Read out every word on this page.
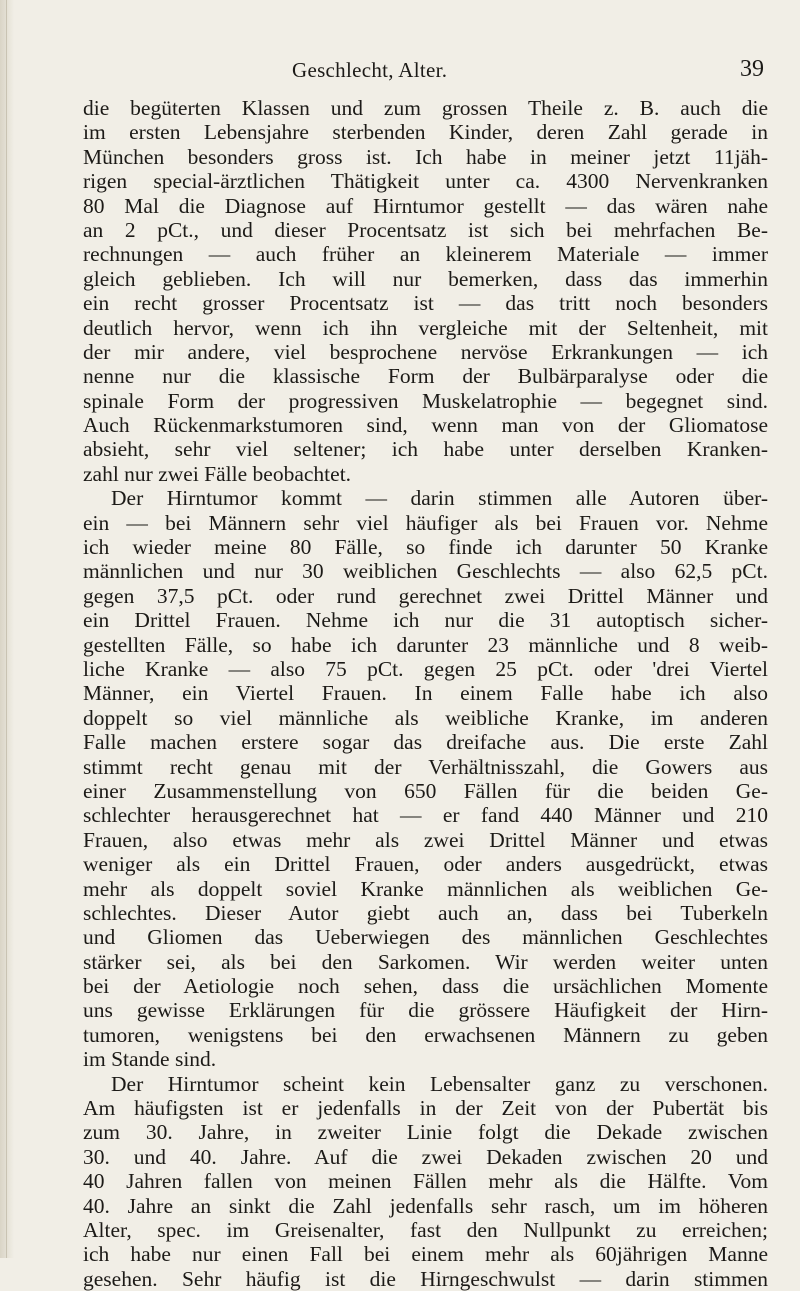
Geschlecht, Alter.	39
die begüterten Klassen und zum grossen Theile z. B. auch die
im ersten Lebensjahre sterbenden Kinder, deren Zahl gerade in
München besonders gross ist. Ich habe in meiner jetzt 11jäh-
rigen special-ärztlichen Thätigkeit unter ca. 4300 Nervenkranken
80 Mal die Diagnose auf Hirntumor gestellt — das wären nahe
an 2 pCt., und dieser Procentsatz ist sich bei mehrfachen Be-
rechnungen — auch früher an kleinerem Materiale — immer
gleich geblieben. Ich will nur bemerken, dass das immerhin
ein recht grosser Procentsatz ist — das tritt noch besonders
deutlich hervor, wenn ich ihn vergleiche mit der Seltenheit, mit
der mir andere, viel besprochene nervöse Erkrankungen — ich
nenne nur die klassische Form der Bulbärparalyse oder die
spinale Form der progressiven Muskelatrophie — begegnet sind.
Auch Rückenmarkstumoren sind, wenn man von der Gliomatose
absieht, sehr viel seltener; ich habe unter derselben Kranken-
zahl nur zwei Fälle beobachtet.
Der Hirntumor kommt — darin stimmen alle Autoren über-
ein — bei Männern sehr viel häufiger als bei Frauen vor. Nehme
ich wieder meine 80 Fälle, so finde ich darunter 50 Kranke
männlichen und nur 30 weiblichen Geschlechts — also 62,5 pCt.
gegen 37,5 pCt. oder rund gerechnet zwei Drittel Männer und
ein Drittel Frauen. Nehme ich nur die 31 autoptisch sicher-
gestellten Fälle, so habe ich darunter 23 männliche und 8 weib-
liche Kranke — also 75 pCt. gegen 25 pCt. oder 'drei Viertel
Männer, ein Viertel Frauen. In einem Falle habe ich also
doppelt so viel männliche als weibliche Kranke, im anderen
Falle machen erstere sogar das dreifache aus. Die erste Zahl
stimmt recht genau mit der Verhältnisszahl, die Gowers aus
einer Zusammenstellung von 650 Fällen für die beiden Ge-
schlechter herausgerechnet hat — er fand 440 Männer und 210
Frauen, also etwas mehr als zwei Drittel Männer und etwas
weniger als ein Drittel Frauen, oder anders ausgedrückt, etwas
mehr als doppelt soviel Kranke männlichen als weiblichen Ge-
schlechtes. Dieser Autor giebt auch an, dass bei Tuberkeln
und Gliomen das Ueberwiegen des männlichen Geschlechtes
stärker sei, als bei den Sarkomen. Wir werden weiter unten
bei der Aetiologie noch sehen, dass die ursächlichen Momente
uns gewisse Erklärungen für die grössere Häufigkeit der Hirn-
tumoren, wenigstens bei den erwachsenen Männern zu geben
im Stande sind.
Der Hirntumor scheint kein Lebensalter ganz zu verschonen.
Am häufigsten ist er jedenfalls in der Zeit von der Pubertät bis
zum 30. Jahre, in zweiter Linie folgt die Dekade zwischen
30. und 40. Jahre. Auf die zwei Dekaden zwischen 20 und
40 Jahren fallen von meinen Fällen mehr als die Hälfte. Vom
40. Jahre an sinkt die Zahl jedenfalls sehr rasch, um im höheren
Alter, spec. im Greisenalter, fast den Nullpunkt zu erreichen;
ich habe nur einen Fall bei einem mehr als 60jährigen Manne
gesehen. Sehr häufig ist die Hirngeschwulst — darin stimmen
